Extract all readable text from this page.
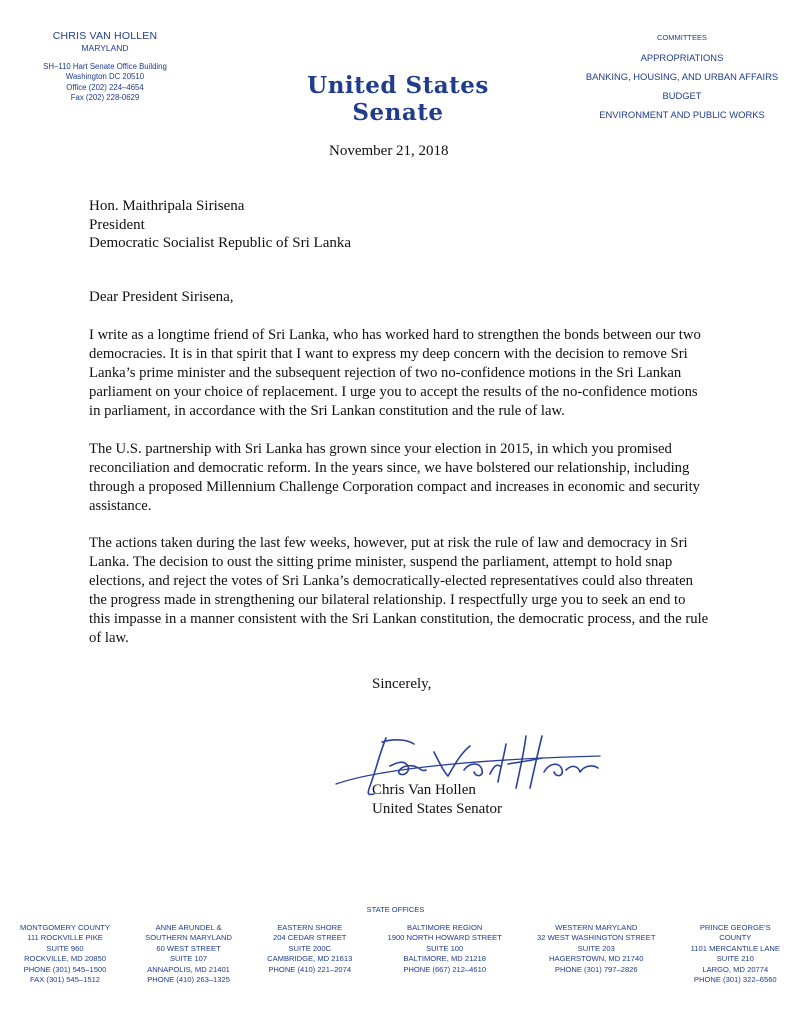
CHRIS VAN HOLLEN
MARYLAND
SH–110 Hart Senate Office Building
Washington DC 20510
Office (202) 224–4654
Fax (202) 228-0629	United States Senate
COMMITTEES
APPROPRIATIONS
BANKING, HOUSING, AND URBAN AFFAIRS
BUDGET
ENVIRONMENT AND PUBLIC WORKS
November 21, 2018
Hon. Maithripala Sirisena
President
Democratic Socialist Republic of Sri Lanka
Dear President Sirisena,

I write as a longtime friend of Sri Lanka, who has worked hard to strengthen the bonds between our two democracies. It is in that spirit that I want to express my deep concern with the decision to remove Sri Lanka’s prime minister and the subsequent rejection of two no-confidence motions in the Sri Lankan parliament on your choice of replacement. I urge you to accept the results of the no-confidence motions in parliament, in accordance with the Sri Lankan constitution and the rule of law.

The U.S. partnership with Sri Lanka has grown since your election in 2015, in which you promised reconciliation and democratic reform. In the years since, we have bolstered our relationship, including through a proposed Millennium Challenge Corporation compact and increases in economic and security assistance.

The actions taken during the last few weeks, however, put at risk the rule of law and democracy in Sri Lanka. The decision to oust the sitting prime minister, suspend the parliament, attempt to hold snap elections, and reject the votes of Sri Lanka’s democratically-elected representatives could also threaten the progress made in strengthening our bilateral relationship. I respectfully urge you to seek an end to this impasse in a manner consistent with the Sri Lankan constitution, the democratic process, and the rule of law.

Sincerely,
Chris Van Hollen
United States Senator
STATE OFFICES
MONTGOMERY COUNTY
111 ROCKVILLE PIKE
SUITE 960
ROCKVILLE, MD 20850
PHONE (301) 545–1500
FAX (301) 545–1512
ANNE ARUNDEL &
SOUTHERN MARYLAND
60 WEST STREET
SUITE 107
ANNAPOLIS, MD 21401
PHONE (410) 263–1325
EASTERN SHORE
204 CEDAR STREET
SUITE 200C
CAMBRIDGE, MD 21613
PHONE (410) 221–2074
BALTIMORE REGION
1900 NORTH HOWARD STREET
SUITE 100
BALTIMORE, MD 21218
PHONE (667) 212–4610
WESTERN MARYLAND
32 WEST WASHINGTON STREET
SUITE 203
HAGERSTOWN, MD 21740
PHONE (301) 797–2826
PRINCE GEORGE’S
COUNTY
1101 MERCANTILE LANE
SUITE 210
LARGO, MD 20774
PHONE (301) 322–6560
